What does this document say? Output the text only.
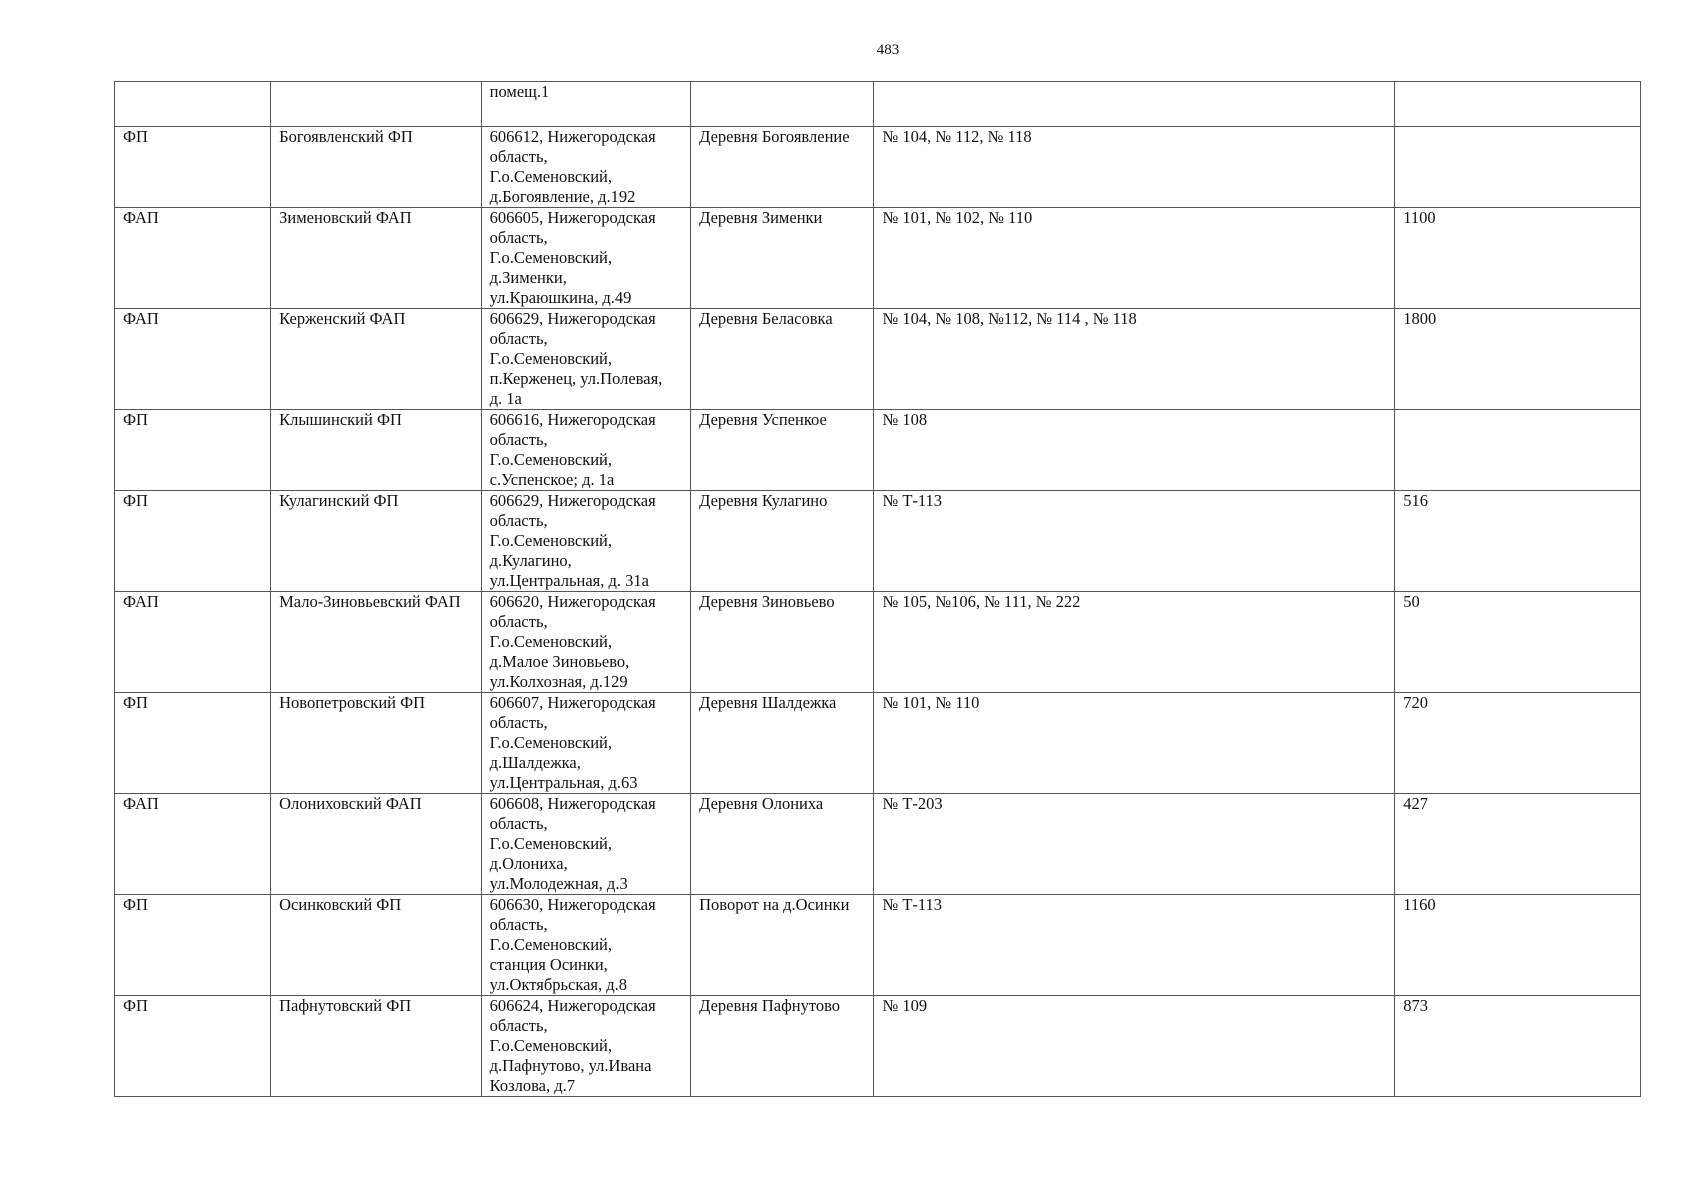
483
		помещ.1			
ФП	Богоявленский ФП	606612, Нижегородская
область,
Г.о.Семеновский,
д.Богоявление, д.192	Деревня Богоявление	№ 104, № 112, № 118	
ФАП	Зименовский ФАП	606605, Нижегородская
область,
Г.о.Семеновский,
д.Зименки,
ул.Краюшкина, д.49	Деревня Зименки	№ 101, № 102, № 110	1100
ФАП	Керженский ФАП	606629, Нижегородская
область,
Г.о.Семеновский,
п.Керженец, ул.Полевая,
д. 1а	Деревня Беласовка	№ 104, № 108, №112, № 114 , № 118	1800
ФП	Клышинский ФП	606616, Нижегородская
область,
Г.о.Семеновский,
с.Успенское; д. 1а	Деревня Успенкое	№ 108	
ФП	Кулагинский ФП	606629, Нижегородская
область,
Г.о.Семеновский,
д.Кулагино,
ул.Центральная, д. 31а	Деревня Кулагино	№ Т-113	516
ФАП	Мало-Зиновьевский ФАП	606620, Нижегородская
область,
Г.о.Семеновский,
д.Малое Зиновьево,
ул.Колхозная, д.129	Деревня Зиновьево	№ 105, №106, № 111, № 222	50
ФП	Новопетровский ФП	606607, Нижегородская
область,
Г.о.Семеновский,
д.Шалдежка,
ул.Центральная, д.63	Деревня Шалдежка	№ 101, № 110	720
ФАП	Олониховский ФАП	606608, Нижегородская
область,
Г.о.Семеновский,
д.Олониха,
ул.Молодежная, д.3	Деревня Олониха	№ Т-203	427
ФП	Осинковский ФП	606630, Нижегородская
область,
Г.о.Семеновский,
станция Осинки,
ул.Октябрьская, д.8	Поворот на д.Осинки	№ Т-113	1160
ФП	Пафнутовский ФП	606624, Нижегородская
область,
Г.о.Семеновский,
д.Пафнутово, ул.Ивана
Козлова, д.7	Деревня Пафнутово	№ 109	873
